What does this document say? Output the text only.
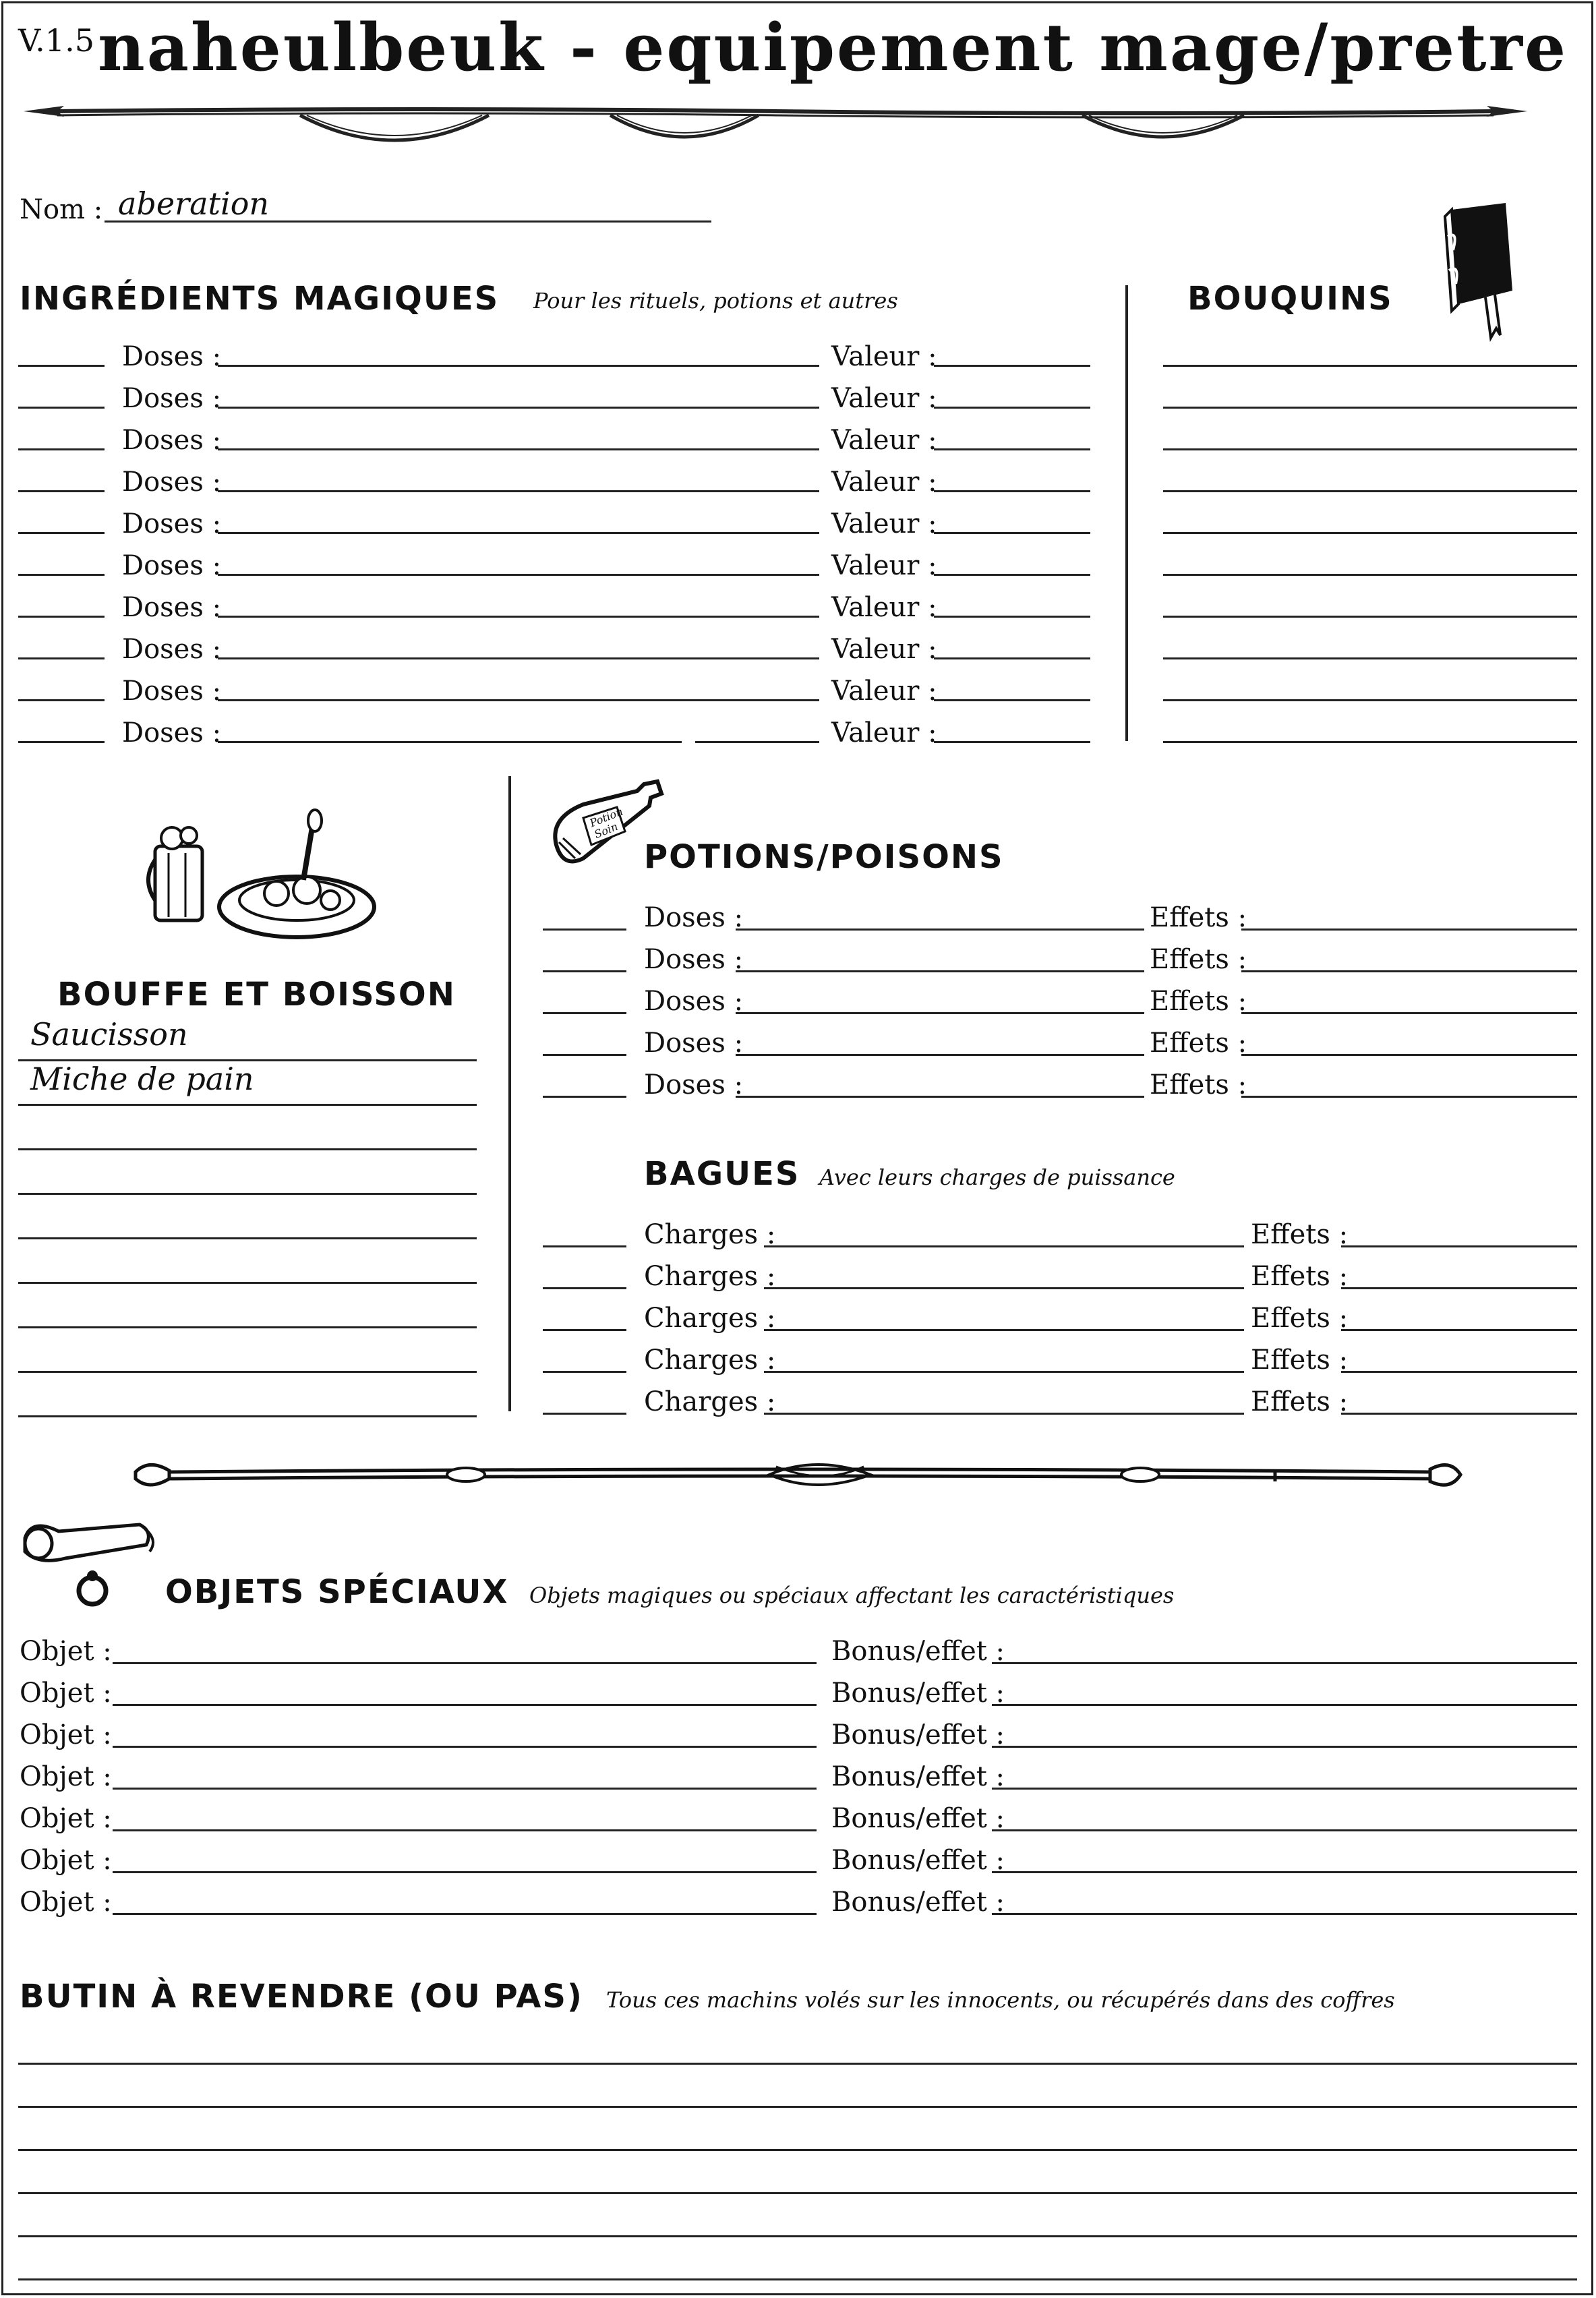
V.1.5 naheulbeuk - equipement mage/pretre
Nom : aberation
INGRÉDIENTS MAGIQUES Pour les rituels, potions et autres
Doses :	Valeur :
Doses :	Valeur :
Doses :	Valeur :
Doses :	Valeur :
Doses :	Valeur :
Doses :	Valeur :
Doses :	Valeur :
Doses :	Valeur :
Doses :	Valeur :
Doses :	Valeur :
BOUQUINS
BOUFFE ET BOISSON
Saucisson
Miche de pain
Potion Soin
POTIONS/POISONS
Doses :	Effets :
Doses :	Effets :
Doses :	Effets :
Doses :	Effets :
Doses :	Effets :
BAGUES Avec leurs charges de puissance
Charges :	Effets :
Charges :	Effets :
Charges :	Effets :
Charges :	Effets :
Charges :	Effets :
OBJETS SPÉCIAUX Objets magiques ou spéciaux affectant les caractéristiques
Objet :	Bonus/effet :
Objet :	Bonus/effet :
Objet :	Bonus/effet :
Objet :	Bonus/effet :
Objet :	Bonus/effet :
Objet :	Bonus/effet :
Objet :	Bonus/effet :
BUTIN À REVENDRE (OU PAS) Tous ces machins volés sur les innocents, ou récupérés dans des coffres
